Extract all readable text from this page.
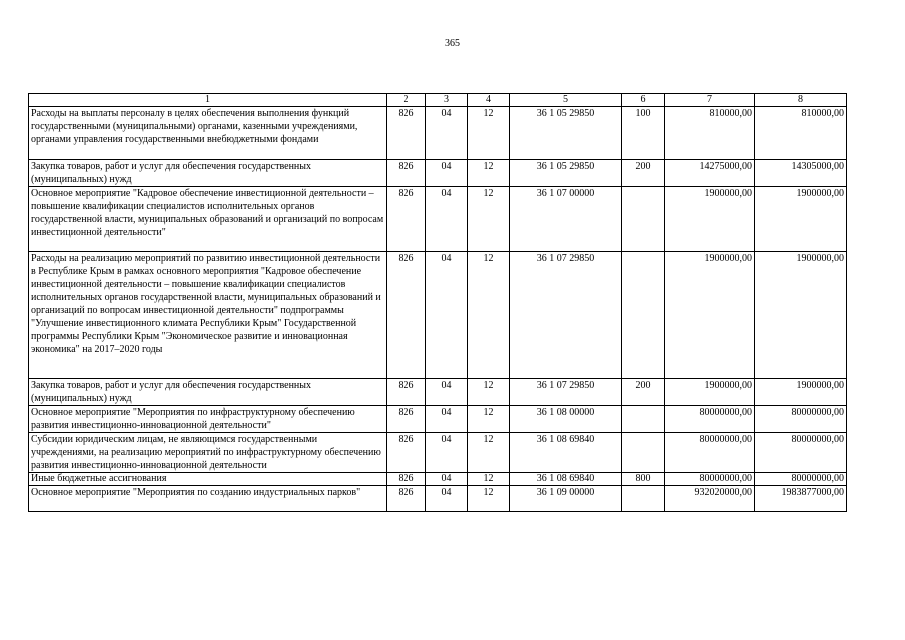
365
1	2	3	4	5	6	7	8
Расходы на выплаты персоналу в целях обеспечения выполнения функций государственными (муниципальными) органами, казенными учреждениями, органами управления государственными внебюджетными фондами	826	04	12	36 1 05 29850	100	810000,00	810000,00
Закупка товаров, работ и услуг для обеспечения государственных (муниципальных) нужд	826	04	12	36 1 05 29850	200	14275000,00	14305000,00
Основное мероприятие "Кадровое обеспечение инвестиционной деятельности – повышение квалификации специалистов исполнительных органов государственной власти, муниципальных образований и организаций по вопросам инвестиционной деятельности"	826	04	12	36 1 07 00000		1900000,00	1900000,00
Расходы на реализацию мероприятий по развитию инвестиционной деятельности в Республике Крым в рамках основного мероприятия "Кадровое обеспечение инвестиционной деятельности – повышение квалификации специалистов исполнительных органов государственной власти, муниципальных образований и организаций по вопросам инвестиционной деятельности" подпрограммы "Улучшение инвестиционного климата Республики Крым" Государственной программы Республики Крым "Экономическое развитие и инновационная экономика" на 2017–2020 годы	826	04	12	36 1 07 29850		1900000,00	1900000,00
Закупка товаров, работ и услуг для обеспечения государственных (муниципальных) нужд	826	04	12	36 1 07 29850	200	1900000,00	1900000,00
Основное мероприятие "Мероприятия по инфраструктурному обеспечению развития инвестиционно-инновационной деятельности"	826	04	12	36 1 08 00000		80000000,00	80000000,00
Субсидии юридическим лицам, не являющимся государственными учреждениями, на реализацию мероприятий по инфраструктурному обеспечению развития инвестиционно-инновационной деятельности	826	04	12	36 1 08 69840		80000000,00	80000000,00
Иные бюджетные ассигнования	826	04	12	36 1 08 69840	800	80000000,00	80000000,00
Основное мероприятие "Мероприятия по созданию индустриальных парков"	826	04	12	36 1 09 00000		932020000,00	1983877000,00
